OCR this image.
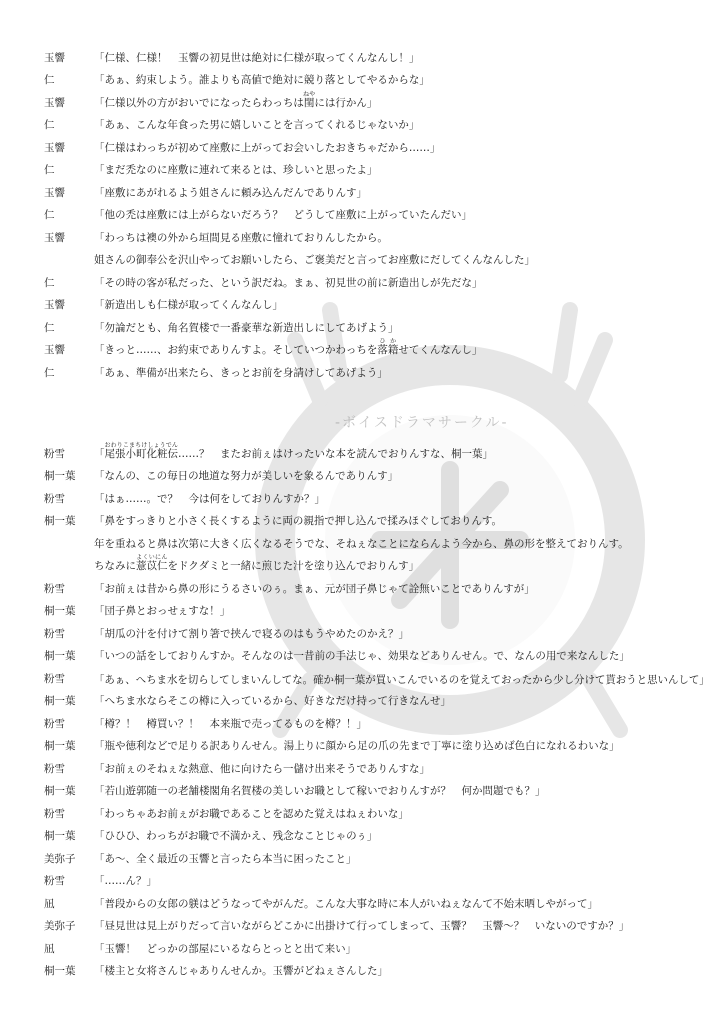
-ボイスドラマサークル-
玉響	「仁様、仁様！　玉響の初見世は絶対に仁様が取ってくんなんし！」
仁	「あぁ、約束しよう。誰よりも高値で絶対に競り落としてやるからな」
玉響	「仁様以外の方がおいでになったらわっちは閨ねやには行かん」
仁	「あぁ、こんな年食った男に嬉しいことを言ってくれるじゃないか」
玉響	「仁様はわっちが初めて座敷に上がってお会いしたおきちゃだから……」
仁	「まだ禿なのに座敷に連れて来るとは、珍しいと思ったよ」
玉響	「座敷にあがれるよう姐さんに頼み込んだんでありんす」
仁	「他の禿は座敷には上がらないだろう？　どうして座敷に上がっていたんだい」
玉響	「わっちは襖の外から垣間見る座敷に憧れておりんしたから。
姐さんの御奉公を沢山やってお願いしたら、ご褒美だと言ってお座敷にだしてくんなんした」
仁	「その時の客が私だった、という訳だね。まぁ、初見世の前に新造出しが先だな」
玉響	「新造出しも仁様が取ってくんなんし」
仁	「勿論だとも、角名賀楼で一番豪華な新造出しにしてあげよう」
玉響	「きっと……、お約束でありんすよ。そしていつかわっちを落籍ひかせてくんなんし」
仁	「あぁ、準備が出来たら、きっとお前を身請けしてあげよう」
粉雪	「尾張小町化粧伝おわりこまちけしょうでん……？　またお前ぇはけったいな本を読んでおりんすな、桐一葉」
桐一葉	「なんの、この毎日の地道な努力が美しいを象るんでありんす」
粉雪	「はぁ……。で？　今は何をしておりんすか？」
桐一葉	「鼻をすっきりと小さく長くするように両の親指で押し込んで揉みほぐしておりんす。
年を重ねると鼻は次第に大きく広くなるそうでな、そねぇなことにならんよう今から、鼻の形を整えておりんす。
ちなみに薏苡仁よくいにんをドクダミと一緒に煎じた汁を塗り込んでおりんす」
粉雪	「お前ぇは昔から鼻の形にうるさいのぅ。まぁ、元が団子鼻じゃて詮無いことでありんすが」
桐一葉	「団子鼻とおっせぇすな！」
粉雪	「胡瓜の汁を付けて割り箸で挟んで寝るのはもうやめたのかえ？」
桐一葉	「いつの話をしておりんすか。そんなのは一昔前の手法じゃ、効果などありんせん。で、なんの用で来なんした」
粉雪	「あぁ、へちま水を切らしてしまいんしてな。確か桐一葉が買いこんでいるのを覚えておったから少し分けて貰おうと思いんして」
桐一葉	「へちま水ならそこの樽に入っているから、好きなだけ持って行きなんせ」
粉雪	「樽？！　樽買い？！　本来瓶で売ってるものを樽？！」
桐一葉	「瓶や徳利などで足りる訳ありんせん。湯上りに顔から足の爪の先まで丁寧に塗り込めば色白になれるわいな」
粉雪	「お前ぇのそねぇな熱意、他に向けたら一儲け出来そうでありんすな」
桐一葉	「若山遊郭随一の老舗楼閣角名賀楼の美しいお職として稼いでおりんすが？　何か問題でも？」
粉雪	「わっちゃあお前ぇがお職であることを認めた覚えはねぇわいな」
桐一葉	「ひひひ、わっちがお職で不満かえ、残念なことじゃのぅ」
美弥子	「あ〜、全く最近の玉響と言ったら本当に困ったこと」
粉雪	「……ん？」
凪	「普段からの女郎の躾はどうなってやがんだ。こんな大事な時に本人がいねぇなんて不始末晒しやがって」
美弥子	「昼見世は見上がりだって言いながらどこかに出掛けて行ってしまって、玉響？　玉響〜？　いないのですか？」
凪	「玉響！　どっかの部屋にいるならとっとと出て来い」
桐一葉	「楼主と女将さんじゃありんせんか。玉響がどねぇさんした」
